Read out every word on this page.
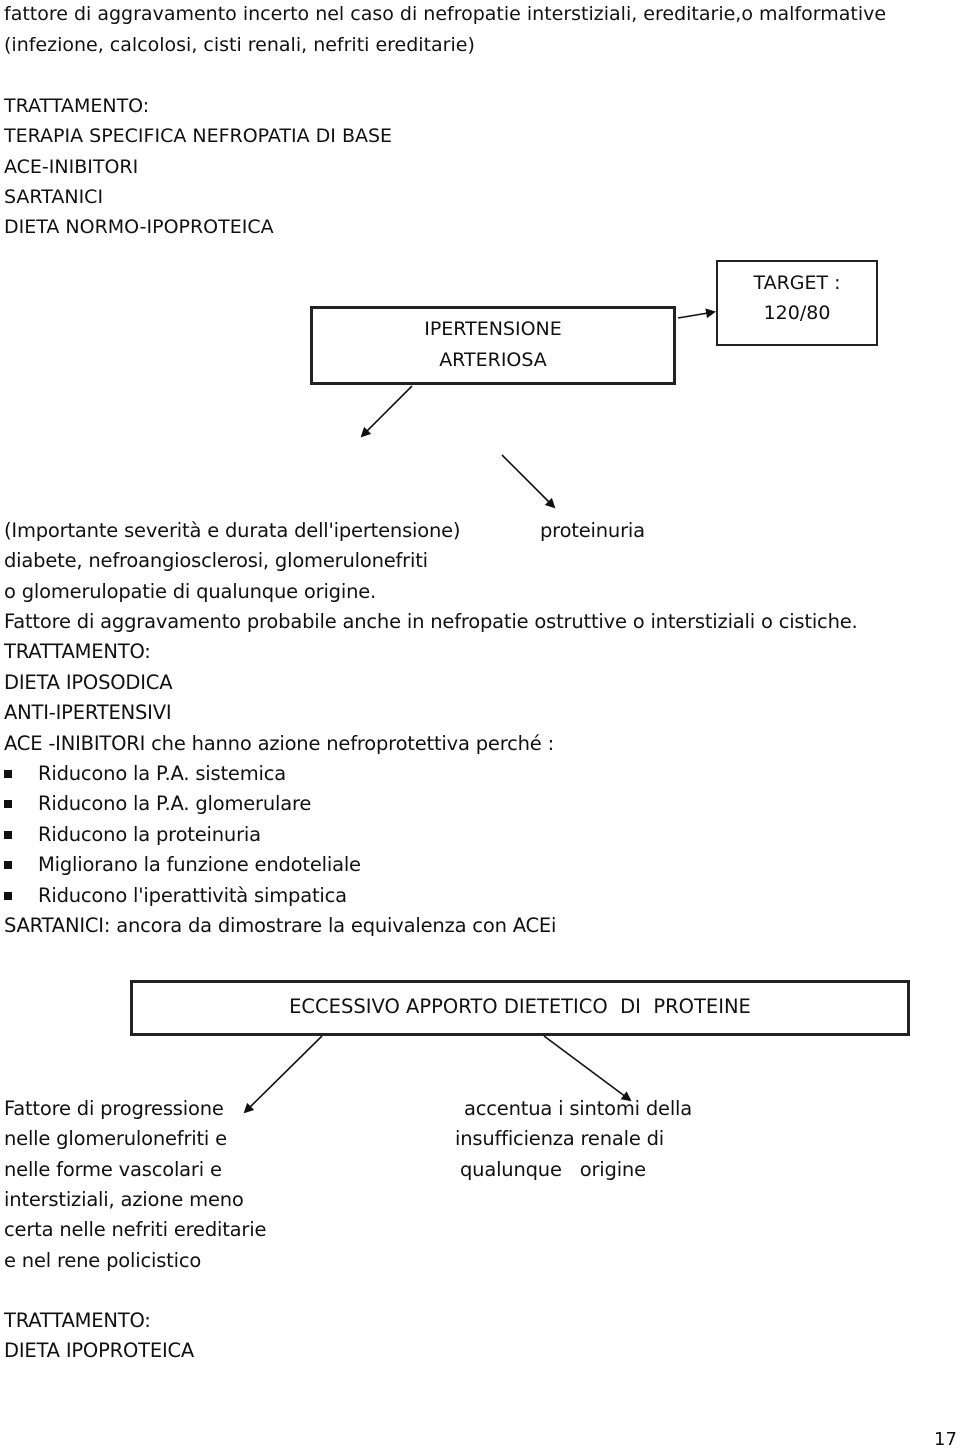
fattore di aggravamento incerto nel caso di nefropatie interstiziali, ereditarie,o malformative
(infezione, calcolosi, cisti renali, nefriti ereditarie)
TRATTAMENTO:
TERAPIA SPECIFICA NEFROPATIA DI BASE
ACE-INIBITORI
SARTANICI
DIETA NORMO-IPOPROTEICA
IPERTENSIONE
ARTERIOSA
TARGET :
120/80
(Importante severità e durata dell'ipertensione)	proteinuria
diabete, nefroangiosclerosi, glomerulonefriti
o glomerulopatie di qualunque origine.
Fattore di aggravamento probabile anche in nefropatie ostruttive o interstiziali o cistiche.
TRATTAMENTO:
DIETA IPOSODICA
ANTI-IPERTENSIVI
ACE -INIBITORI che hanno azione nefroprotettiva perché :
Riducono la P.A. sistemica
Riducono la P.A. glomerulare
Riducono la proteinuria
Migliorano la funzione endoteliale
Riducono l'iperattività simpatica
SARTANICI: ancora da dimostrare la equivalenza con ACEi
ECCESSIVO APPORTO DIETETICO  DI  PROTEINE
Fattore di progressione
nelle glomerulonefriti e
nelle forme vascolari e
interstiziali, azione meno
certa nelle nefriti ereditarie
e nel rene policistico
accentua i sintomi della
insufficienza renale di
qualunque   origine
TRATTAMENTO:
DIETA IPOPROTEICA
17
